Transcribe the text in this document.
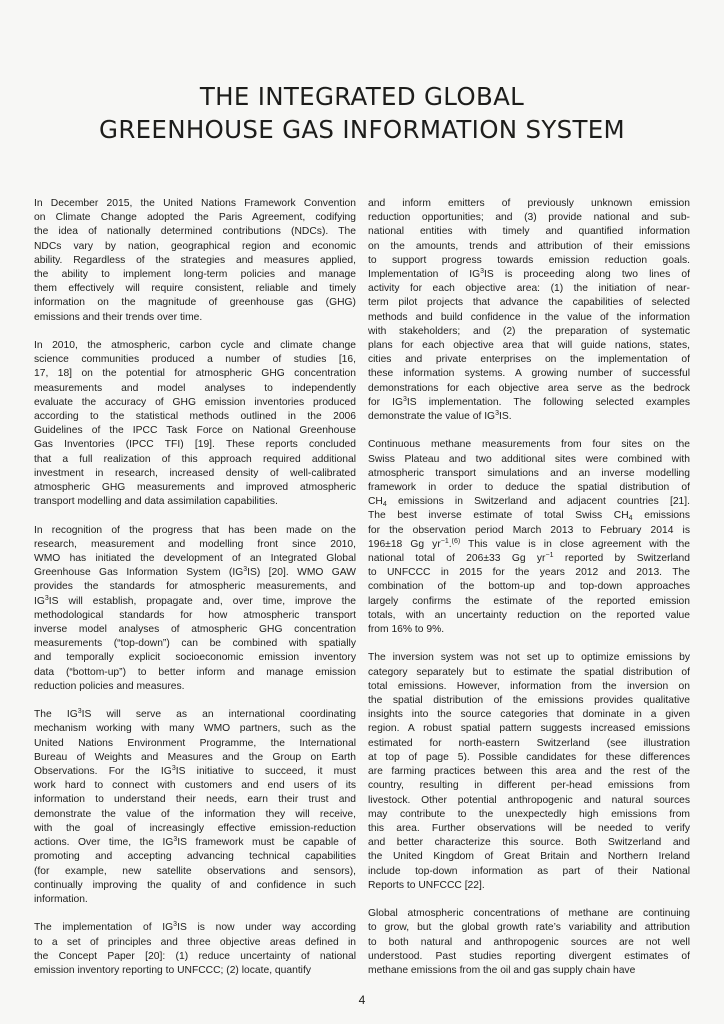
THE INTEGRATED GLOBAL
GREENHOUSE GAS INFORMATION SYSTEM

In December 2015, the United Nations Framework Convention
on Climate Change adopted the Paris Agreement, codifying
the idea of nationally determined contributions (NDCs). The
NDCs vary by nation, geographical region and economic
ability. Regardless of the strategies and measures applied,
the ability to implement long-term policies and manage
them effectively will require consistent, reliable and timely
information on the magnitude of greenhouse gas (GHG)
emissions and their trends over time.

In 2010, the atmospheric, carbon cycle and climate change
science communities produced a number of studies [16,
17, 18] on the potential for atmospheric GHG concentration
measurements and model analyses to independently
evaluate the accuracy of GHG emission inventories produced
according to the statistical methods outlined in the 2006
Guidelines of the IPCC Task Force on National Greenhouse
Gas Inventories (IPCC TFI) [19]. These reports concluded
that a full realization of this approach required additional
investment in research, increased density of well-calibrated
atmospheric GHG measurements and improved atmospheric
transport modelling and data assimilation capabilities.

In recognition of the progress that has been made on the
research, measurement and modelling front since 2010,
WMO has initiated the development of an Integrated Global
Greenhouse Gas Information System $(IG^3IS)$ [20]. WMO GAW
provides the standards for atmospheric measurements, and
$IG^3IS$ will establish, propagate and, over time, improve the
methodological standards for how atmospheric transport
inverse model analyses of atmospheric GHG concentration
measurements (“top-down”) can be combined with spatially
and temporally explicit socioeconomic emission inventory
data (“bottom-up”) to better inform and manage emission
reduction policies and measures.

The $IG^3IS$ will serve as an international coordinating
mechanism working with many WMO partners, such as the
United Nations Environment Programme, the International
Bureau of Weights and Measures and the Group on Earth
Observations. For the $IG^3IS$ initiative to succeed, it must
work hard to connect with customers and end users of its
information to understand their needs, earn their trust and
demonstrate the value of the information they will receive,
with the goal of increasingly effective emission-reduction
actions. Over time, the $IG^3IS$ framework must be capable of
promoting and accepting advancing technical capabilities
(for example, new satellite observations and sensors),
continually improving the quality of and confidence in such
information.

The implementation of $IG^3IS$ is now under way according
to a set of principles and three objective areas defined in
the Concept Paper [20]: (1) reduce uncertainty of national
emission inventory reporting to UNFCCC; (2) locate, quantify

and inform emitters of previously unknown emission
reduction opportunities; and (3) provide national and sub-
national entities with timely and quantified information
on the amounts, trends and attribution of their emissions
to support progress towards emission reduction goals.
Implementation of $IG^3IS$ is proceeding along two lines of
activity for each objective area: (1) the initiation of near-
term pilot projects that advance the capabilities of selected
methods and build confidence in the value of the information
with stakeholders; and (2) the preparation of systematic
plans for each objective area that will guide nations, states,
cities and private enterprises on the implementation of
these information systems. A growing number of successful
demonstrations for each objective area serve as the bedrock
for $IG^3IS$ implementation. The following selected examples
demonstrate the value of $IG^3IS$.

Continuous methane measurements from four sites on the
Swiss Plateau and two additional sites were combined with
atmospheric transport simulations and an inverse modelling
framework in order to deduce the spatial distribution of
$CH_4$ emissions in Switzerland and adjacent countries [21].
The best inverse estimate of total Swiss $CH_4$ emissions
for the observation period March 2013 to February 2014 is
196±18 Gg $yr^{-1}.^{(6)}$ This value is in close agreement with the
national total of 206±33 Gg $yr^{-1}$ reported by Switzerland
to UNFCCC in 2015 for the years 2012 and 2013. The
combination of the bottom-up and top-down approaches
largely confirms the estimate of the reported emission
totals, with an uncertainty reduction on the reported value
from 16% to 9%.

The inversion system was not set up to optimize emissions by
category separately but to estimate the spatial distribution of
total emissions. However, information from the inversion on
the spatial distribution of the emissions provides qualitative
insights into the source categories that dominate in a given
region. A robust spatial pattern suggests increased emissions
estimated for north-eastern Switzerland (see illustration
at top of page 5). Possible candidates for these differences
are farming practices between this area and the rest of the
country, resulting in different per-head emissions from
livestock. Other potential anthropogenic and natural sources
may contribute to the unexpectedly high emissions from
this area. Further observations will be needed to verify
and better characterize this source. Both Switzerland and
the United Kingdom of Great Britain and Northern Ireland
include top-down information as part of their National
Reports to UNFCCC [22].

Global atmospheric concentrations of methane are continuing
to grow, but the global growth rate’s variability and attribution
to both natural and anthropogenic sources are not well
understood. Past studies reporting divergent estimates of
methane emissions from the oil and gas supply chain have

4
